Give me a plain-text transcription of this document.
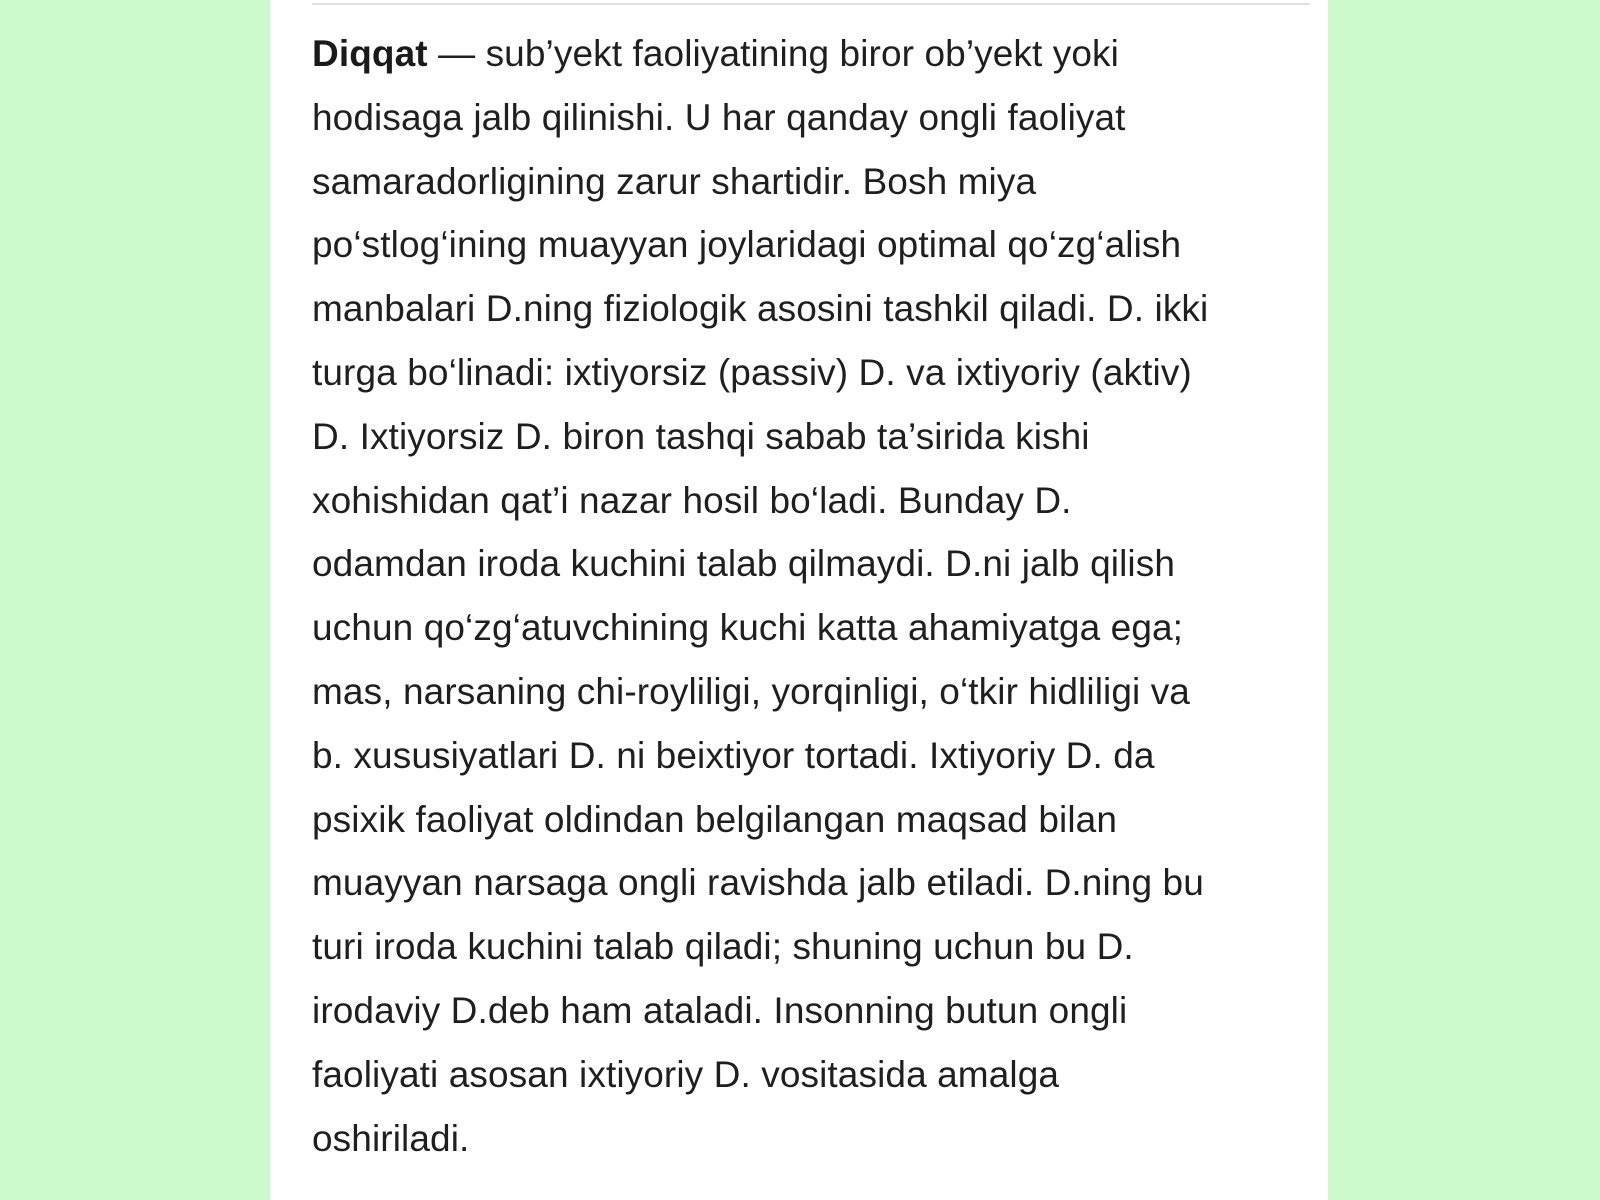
Diqqat — sub’yekt faoliyatining biror ob’yekt yoki
hodisaga jalb qilinishi. U har qanday ongli faoliyat
samaradorligining zarur shartidir. Bosh miya
po‘stlog‘ining muayyan joylaridagi optimal qo‘zg‘alish
manbalari D.ning fiziologik asosini tashkil qiladi. D. ikki
turga bo‘linadi: ixtiyorsiz (passiv) D. va ixtiyoriy (aktiv)
D. Ixtiyorsiz D. biron tashqi sabab ta’sirida kishi
xohishidan qat’i nazar hosil bo‘ladi. Bunday D.
odamdan iroda kuchini talab qilmaydi. D.ni jalb qilish
uchun qo‘zg‘atuvchining kuchi katta ahamiyatga ega;
mas, narsaning chi-royliligi, yorqinligi, o‘tkir hidliligi va
b. xususiyatlari D. ni beixtiyor tortadi. Ixtiyoriy D. da
psixik faoliyat oldindan belgilangan maqsad bilan
muayyan narsaga ongli ravishda jalb etiladi. D.ning bu
turi iroda kuchini talab qiladi; shuning uchun bu D.
irodaviy D.deb ham ataladi. Insonning butun ongli
faoliyati asosan ixtiyoriy D. vositasida amalga
oshiriladi.
